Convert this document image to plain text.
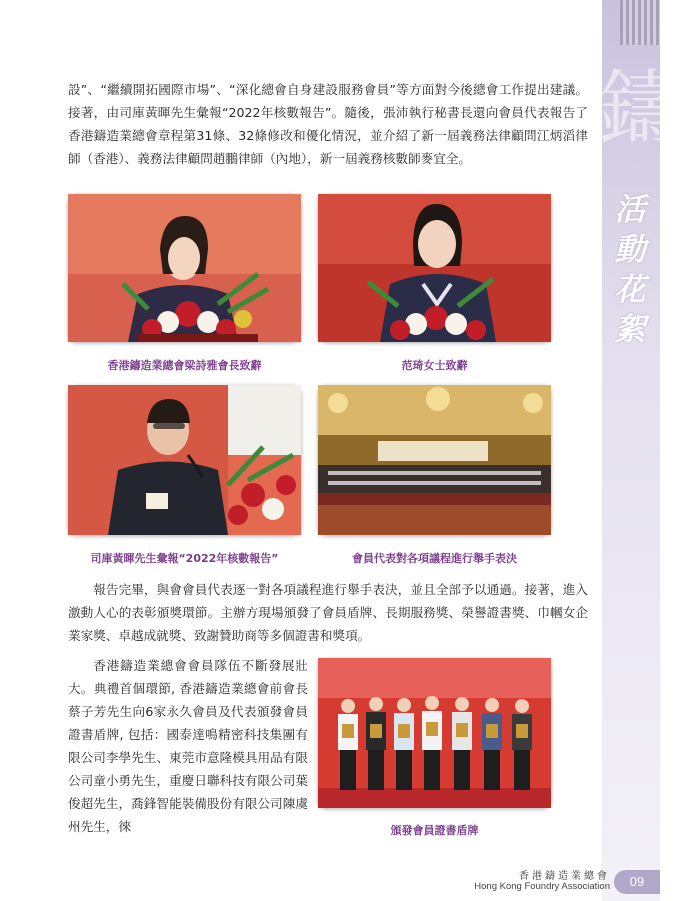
鑄
活動花絮

設”、“繼續開拓國際市場”、“深化總會自身建設服務會員”等方面對今後總會工作提出建議。接著，由司庫黃暉先生彙報“2022年核數報告”。隨後，張沛執行秘書長還向會員代表報告了香港鑄造業總會章程第31條、32條修改和優化情況，並介紹了新一屆義務法律顧問江炳滔律師（香港）、義務法律顧問趙鵬律師（內地），新一屆義務核數師麥宜全。

香港鑄造業總會梁詩雅會長致辭	范琦女士致辭
司庫黃暉先生彙報“2022年核數報告”	會員代表對各項議程進行舉手表決

報告完畢，與會會員代表逐一對各項議程進行舉手表決，並且全部予以通過。接著，進入激動人心的表彰頒獎環節。主辦方現場頒發了會員盾牌、長期服務獎、榮譽證書獎、巾幗女企業家獎、卓越成就獎、致謝贊助商等多個證書和獎項。

香港鑄造業總會會員隊伍不斷發展壯大。典禮首個環節, 香港鑄造業總會前會長蔡子芳先生向6家永久會員及代表頒發會員證書盾牌, 包括：國泰達鳴精密科技集團有限公司李學先生、東莞市意隆模具用品有限公司童小勇先生，重慶日聯科技有限公司葉俊超先生，喬鋒智能裝備股份有限公司陳虞州先生，徠	頒發會員證書盾牌
香港鑄造業總會
Hong Kong Foundry Association	09
